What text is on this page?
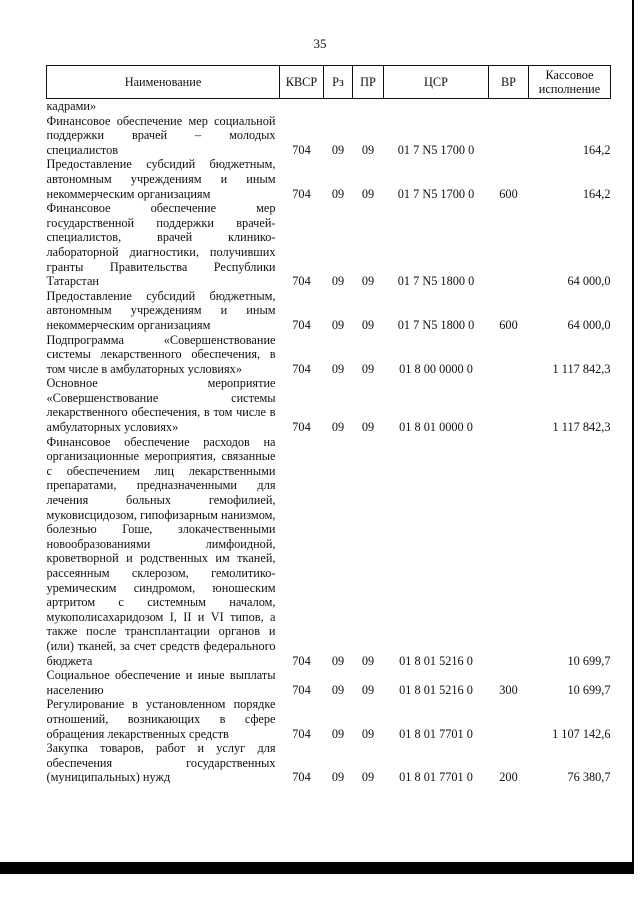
35
Наименование	КВСР	Рз	ПР	ЦСР	ВР	Кассовое исполнение
кадрами»						
Финансовое обеспечение мер социальной поддержки врачей – молодых специалистов	704	09	09	01 7 N5 1700 0		164,2
Предоставление субсидий бюджетным, автономным учреждениям и иным некоммерческим организациям	704	09	09	01 7 N5 1700 0	600	164,2
Финансовое обеспечение мер государственной поддержки врачей-специалистов, врачей клинико-лабораторной диагностики, получивших гранты Правительства Республики Татарстан	704	09	09	01 7 N5 1800 0		64 000,0
Предоставление субсидий бюджетным, автономным учреждениям и иным некоммерческим организациям	704	09	09	01 7 N5 1800 0	600	64 000,0
Подпрограмма «Совершенствование системы лекарственного обеспечения, в том числе в амбулаторных условиях»	704	09	09	01 8 00 0000 0		1 117 842,3
Основное мероприятие «Совершенствование системы лекарственного обеспечения, в том числе в амбулаторных условиях»	704	09	09	01 8 01 0000 0		1 117 842,3
Финансовое обеспечение расходов на организационные мероприятия, связанные с обеспечением лиц лекарственными препаратами, предназначенными для лечения больных гемофилией, муковисцидозом, гипофизарным нанизмом, болезнью Гоше, злокачественными новообразованиями лимфоидной, кроветворной и родственных им тканей, рассеянным склерозом, гемолитико-уремическим синдромом, юношеским артритом с системным началом, мукополисахаридозом I, II и VI типов, а также после трансплантации органов и (или) тканей, за счет средств федерального бюджета	704	09	09	01 8 01 5216 0		10 699,7
Социальное обеспечение и иные выплаты населению	704	09	09	01 8 01 5216 0	300	10 699,7
Регулирование в установленном порядке отношений, возникающих в сфере обращения лекарственных средств	704	09	09	01 8 01 7701 0		1 107 142,6
Закупка товаров, работ и услуг для обеспечения государственных (муниципальных) нужд	704	09	09	01 8 01 7701 0	200	76 380,7
